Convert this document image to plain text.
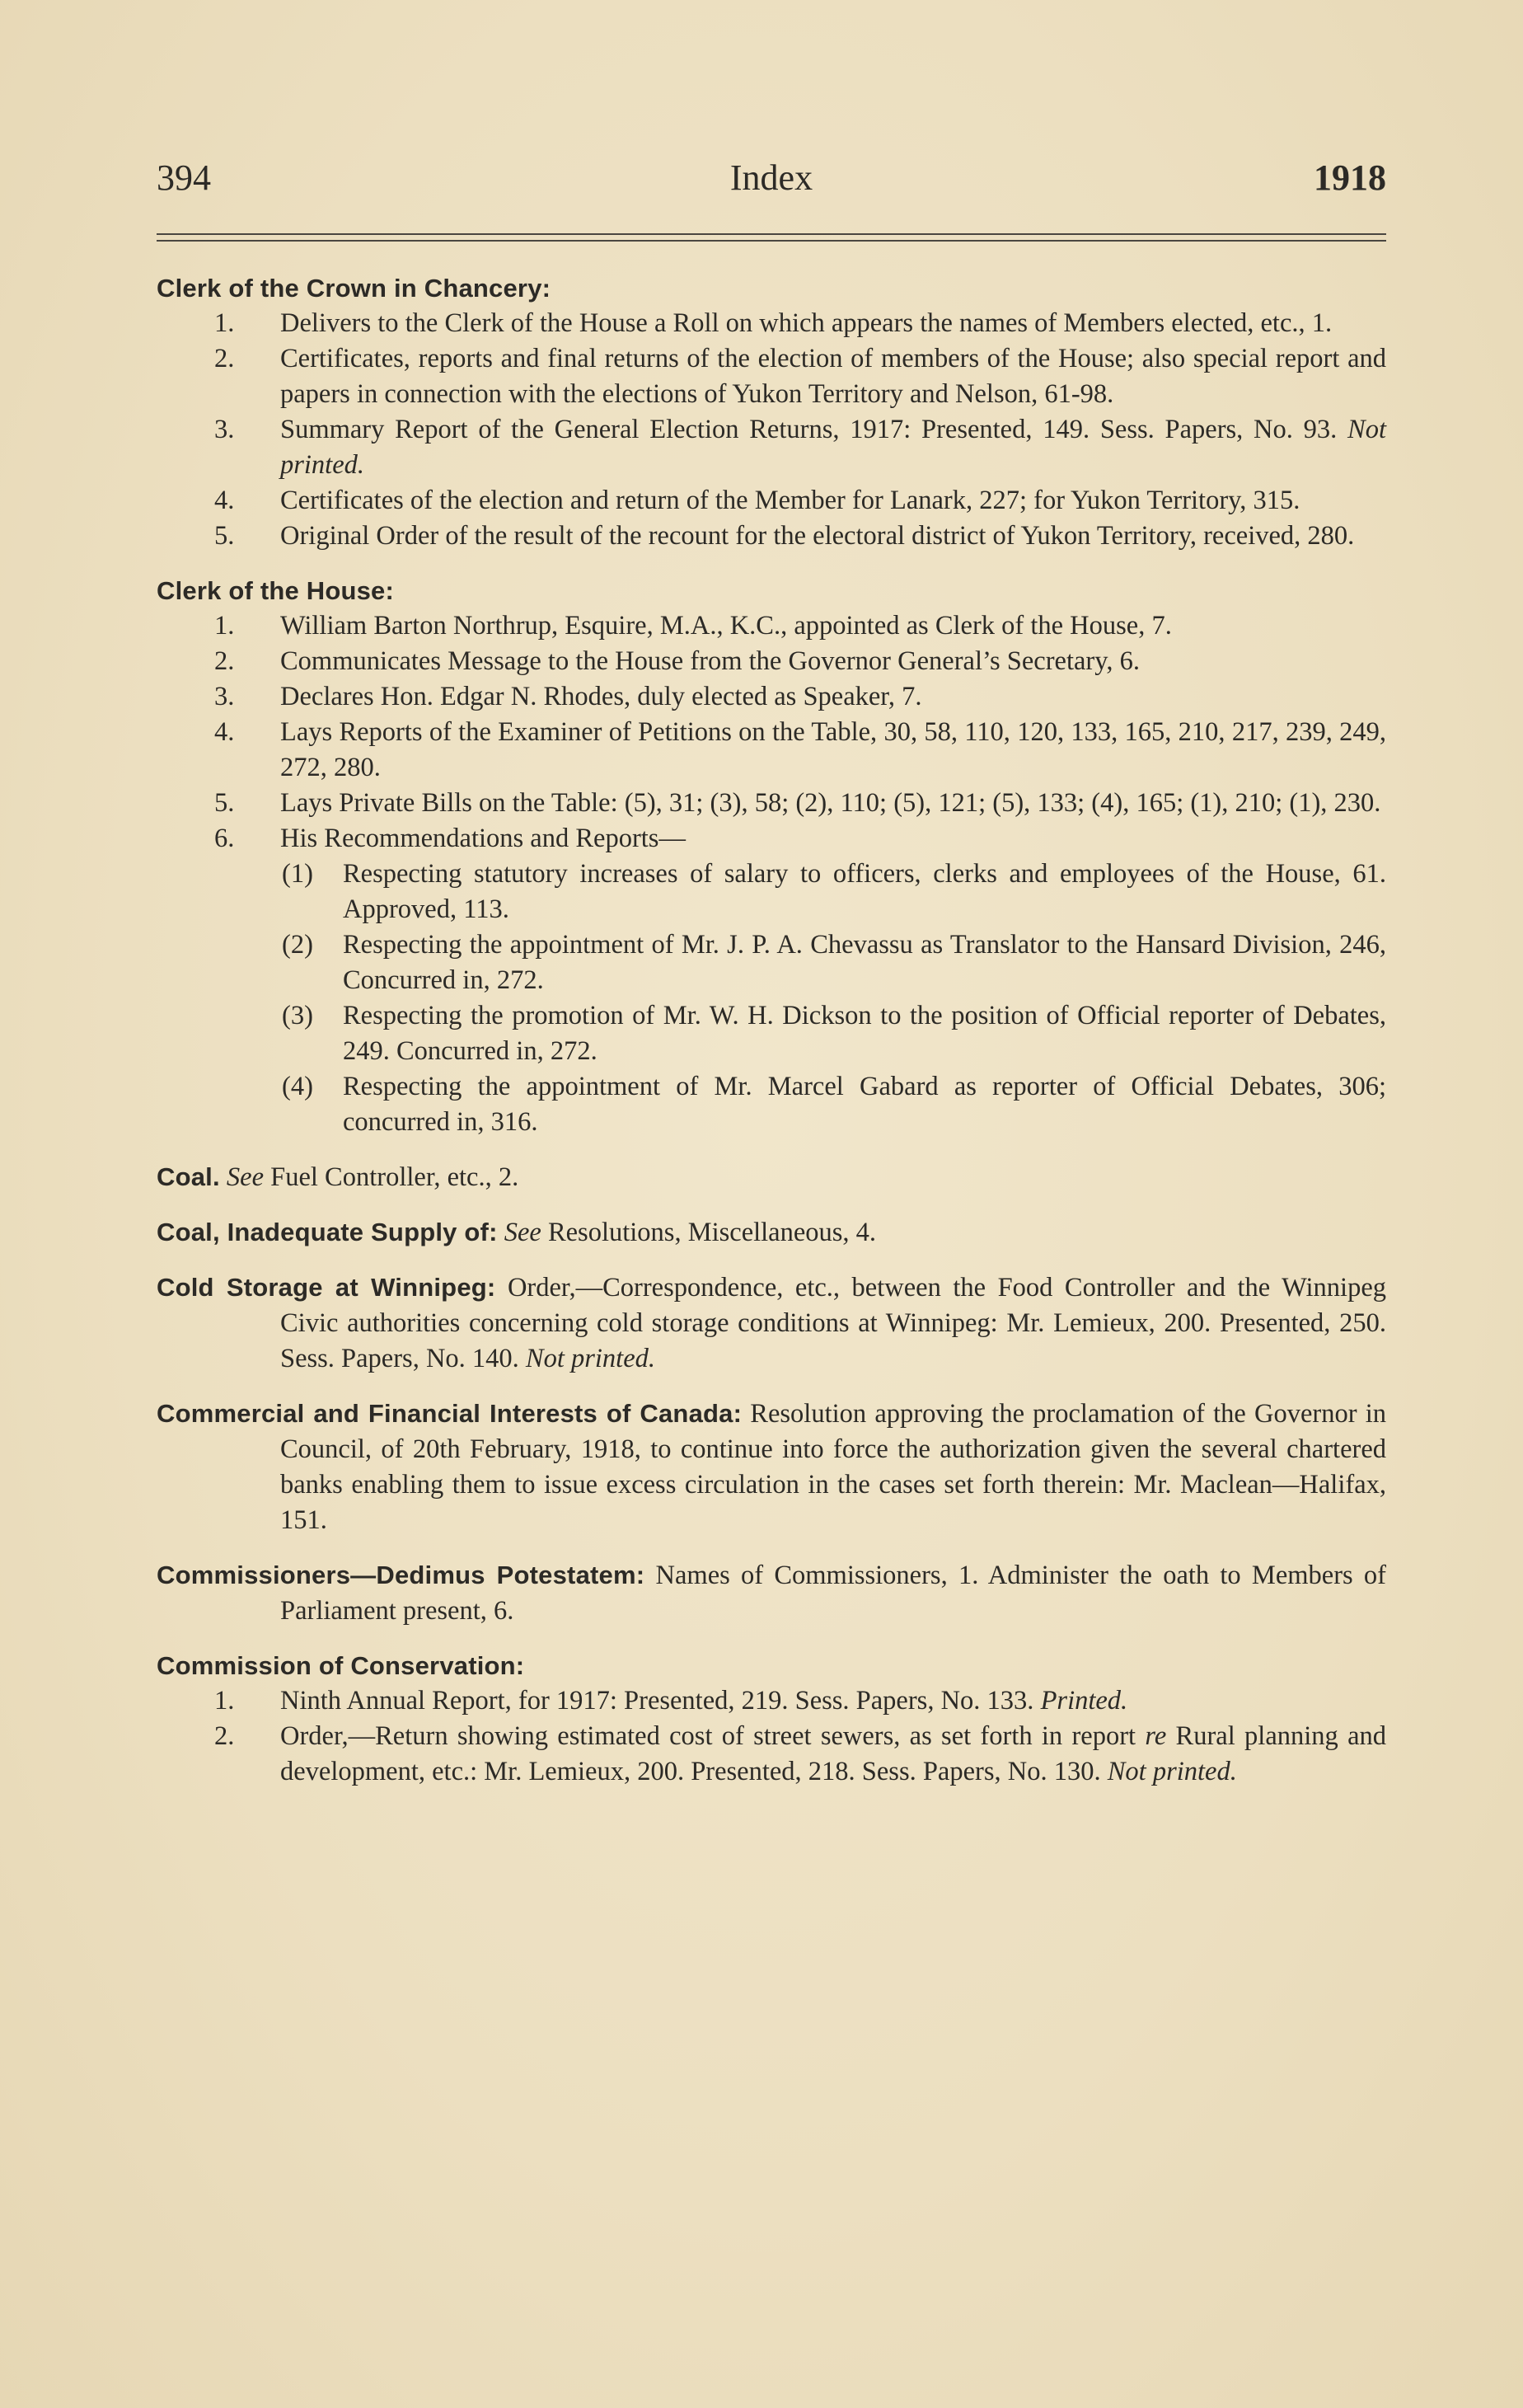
394	Index	1918
Clerk of the Crown in Chancery:
1. Delivers to the Clerk of the House a Roll on which appears the names of Members elected, etc., 1.
2. Certificates, reports and final returns of the election of members of the House; also special report and papers in connection with the elections of Yukon Territory and Nelson, 61-98.
3. Summary Report of the General Election Returns, 1917: Presented, 149. Sess. Papers, No. 93. Not printed.
4. Certificates of the election and return of the Member for Lanark, 227; for Yukon Territory, 315.
5. Original Order of the result of the recount for the electoral district of Yukon Territory, received, 280.
Clerk of the House:
1. William Barton Northrup, Esquire, M.A., K.C., appointed as Clerk of the House, 7.
2. Communicates Message to the House from the Governor General’s Secretary, 6.
3. Declares Hon. Edgar N. Rhodes, duly elected as Speaker, 7.
4. Lays Reports of the Examiner of Petitions on the Table, 30, 58, 110, 120, 133, 165, 210, 217, 239, 249, 272, 280.
5. Lays Private Bills on the Table: (5), 31; (3), 58; (2), 110; (5), 121; (5), 133; (4), 165; (1), 210; (1), 230.
6. His Recommendations and Reports—
(1) Respecting statutory increases of salary to officers, clerks and employees of the House, 61. Approved, 113.
(2) Respecting the appointment of Mr. J. P. A. Chevassu as Translator to the Hansard Division, 246, Concurred in, 272.
(3) Respecting the promotion of Mr. W. H. Dickson to the position of Official reporter of Debates, 249. Concurred in, 272.
(4) Respecting the appointment of Mr. Marcel Gabard as reporter of Official Debates, 306; concurred in, 316.
Coal. See Fuel Controller, etc., 2.
Coal, Inadequate Supply of: See Resolutions, Miscellaneous, 4.
Cold Storage at Winnipeg: Order,—Correspondence, etc., between the Food Controller and the Winnipeg Civic authorities concerning cold storage conditions at Winnipeg: Mr. Lemieux, 200. Presented, 250. Sess. Papers, No. 140. Not printed.
Commercial and Financial Interests of Canada: Resolution approving the proclamation of the Governor in Council, of 20th February, 1918, to continue into force the authorization given the several chartered banks enabling them to issue excess circulation in the cases set forth therein: Mr. Maclean—Halifax, 151.
Commissioners—Dedimus Potestatem: Names of Commissioners, 1. Administer the oath to Members of Parliament present, 6.
Commission of Conservation:
1. Ninth Annual Report, for 1917: Presented, 219. Sess. Papers, No. 133. Printed.
2. Order,—Return showing estimated cost of street sewers, as set forth in report re Rural planning and development, etc.: Mr. Lemieux, 200. Presented, 218. Sess. Papers, No. 130. Not printed.
